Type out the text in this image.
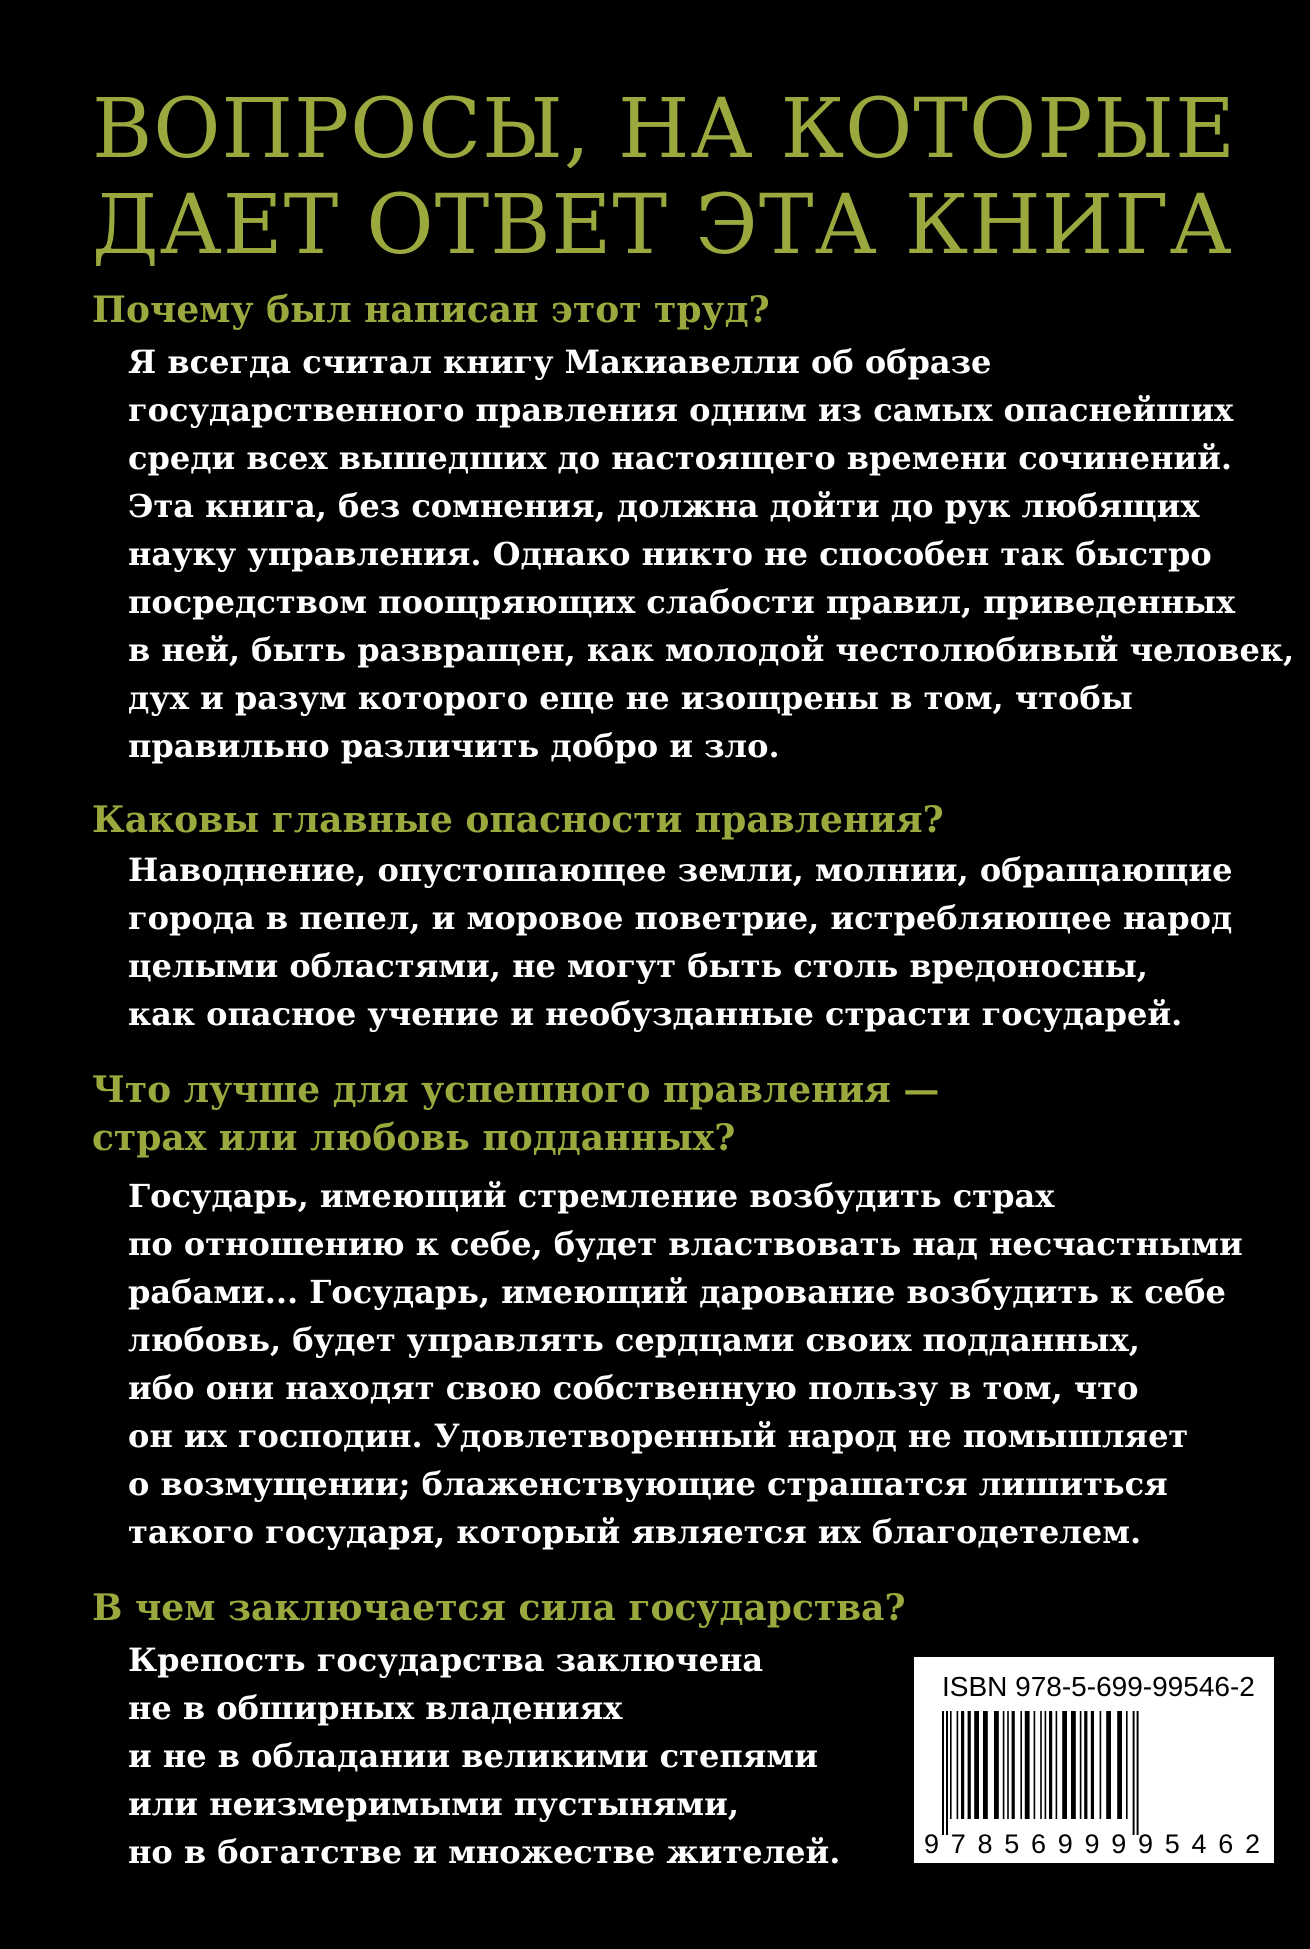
ВОПРОСЫ, НА КОТОРЫЕ
ДАЕТ ОТВЕТ ЭТА КНИГА
Почему был написан этот труд?
Я всегда считал книгу Макиавелли об образе
государственного правления одним из самых опаснейших
среди всех вышедших до настоящего времени сочинений.
Эта книга, без сомнения, должна дойти до рук любящих
науку управления. Однако никто не способен так быстро
посредством поощряющих слабости правил, приведенных
в ней, быть развращен, как молодой честолюбивый человек,
дух и разум которого еще не изощрены в том, чтобы
правильно различить добро и зло.
Каковы главные опасности правления?
Наводнение, опустошающее земли, молнии, обращающие
города в пепел, и моровое поветрие, истребляющее народ
целыми областями, не могут быть столь вредоносны,
как опасное учение и необузданные страсти государей.
Что лучше для успешного правления —
страх или любовь подданных?
Государь, имеющий стремление возбудить страх
по отношению к себе, будет властвовать над несчастными
рабами... Государь, имеющий дарование возбудить к себе
любовь, будет управлять сердцами своих подданных,
ибо они находят свою собственную пользу в том, что
он их господин. Удовлетворенный народ не помышляет
о возмущении; блаженствующие страшатся лишиться
такого государя, который является их благодетелем.
В чем заключается сила государства?
Крепость государства заключена
не в обширных владениях
и не в обладании великими степями
или неизмеримыми пустынями,
но в богатстве и множестве жителей.
ISBN 978-5-699-99546-2
9785699995462
